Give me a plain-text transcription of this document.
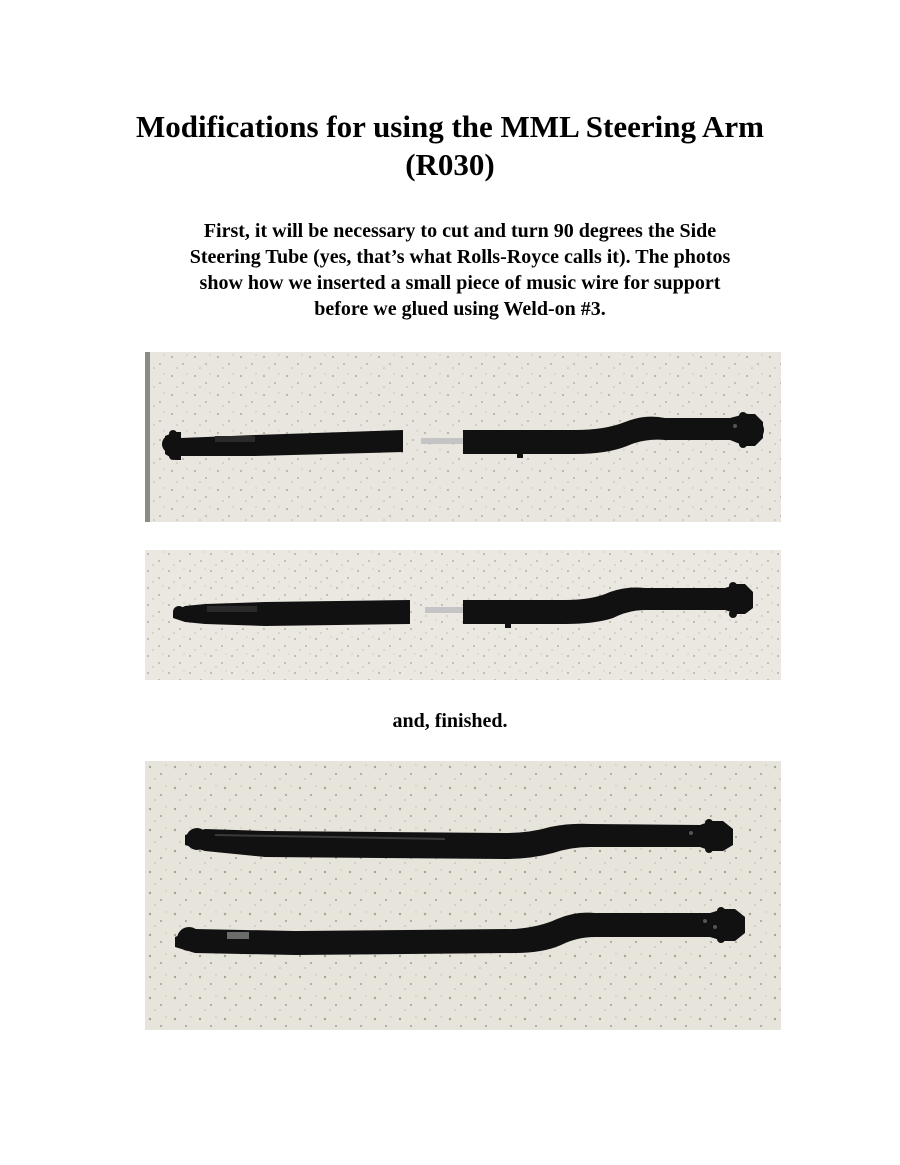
Modifications for using the MML Steering Arm
(R030)
First, it will be necessary to cut and turn 90 degrees the Side
Steering Tube (yes, that’s what Rolls-Royce calls it). The photos
show how we inserted a small piece of music wire for support
before we glued using Weld-on #3.
and, finished.
